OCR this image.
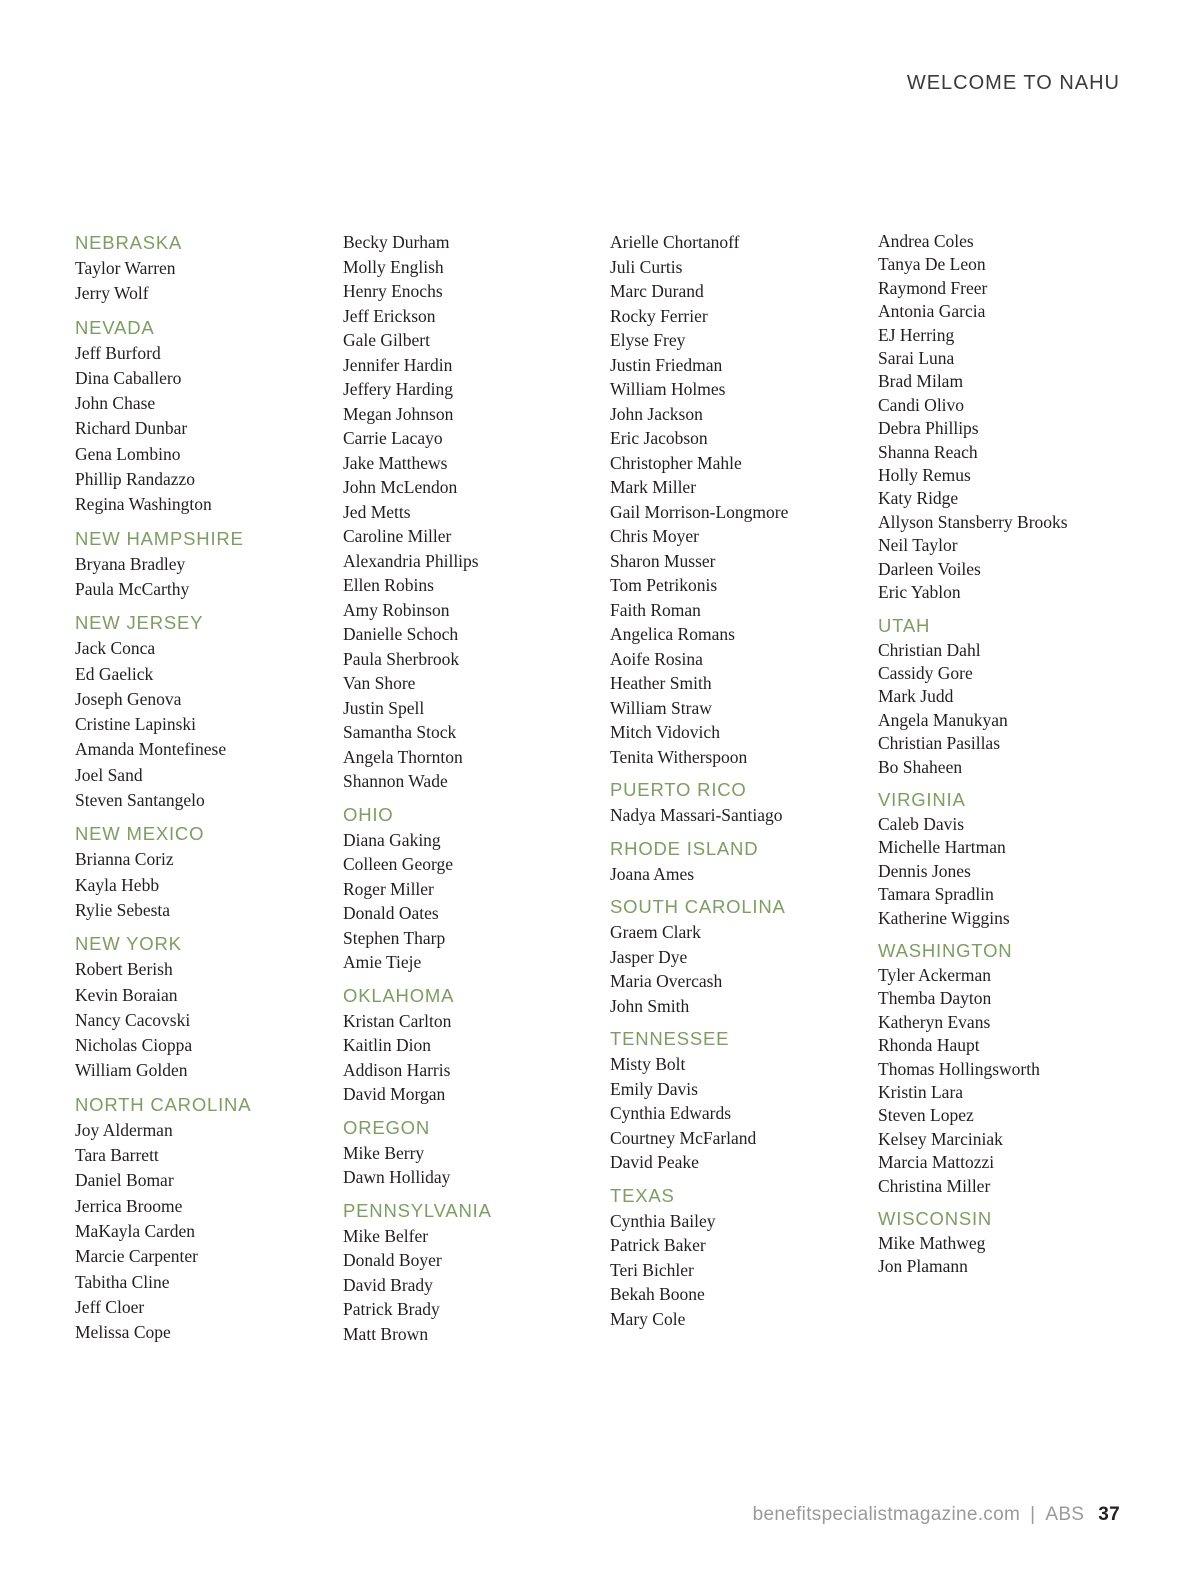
WELCOME TO NAHU
NEBRASKA
Taylor Warren
Jerry Wolf
NEVADA
Jeff Burford
Dina Caballero
John Chase
Richard Dunbar
Gena Lombino
Phillip Randazzo
Regina Washington
NEW HAMPSHIRE
Bryana Bradley
Paula McCarthy
NEW JERSEY
Jack Conca
Ed Gaelick
Joseph Genova
Cristine Lapinski
Amanda Montefinese
Joel Sand
Steven Santangelo
NEW MEXICO
Brianna Coriz
Kayla Hebb
Rylie Sebesta
NEW YORK
Robert Berish
Kevin Boraian
Nancy Cacovski
Nicholas Cioppa
William Golden
NORTH CAROLINA
Joy Alderman
Tara Barrett
Daniel Bomar
Jerrica Broome
MaKayla Carden
Marcie Carpenter
Tabitha Cline
Jeff Cloer
Melissa Cope
Becky Durham
Molly English
Henry Enochs
Jeff Erickson
Gale Gilbert
Jennifer Hardin
Jeffery Harding
Megan Johnson
Carrie Lacayo
Jake Matthews
John McLendon
Jed Metts
Caroline Miller
Alexandria Phillips
Ellen Robins
Amy Robinson
Danielle Schoch
Paula Sherbrook
Van Shore
Justin Spell
Samantha Stock
Angela Thornton
Shannon Wade
OHIO
Diana Gaking
Colleen George
Roger Miller
Donald Oates
Stephen Tharp
Amie Tieje
OKLAHOMA
Kristan Carlton
Kaitlin Dion
Addison Harris
David Morgan
OREGON
Mike Berry
Dawn Holliday
PENNSYLVANIA
Mike Belfer
Donald Boyer
David Brady
Patrick Brady
Matt Brown
Arielle Chortanoff
Juli Curtis
Marc Durand
Rocky Ferrier
Elyse Frey
Justin Friedman
William Holmes
John Jackson
Eric Jacobson
Christopher Mahle
Mark Miller
Gail Morrison-Longmore
Chris Moyer
Sharon Musser
Tom Petrikonis
Faith Roman
Angelica Romans
Aoife Rosina
Heather Smith
William Straw
Mitch Vidovich
Tenita Witherspoon
PUERTO RICO
Nadya Massari-Santiago
RHODE ISLAND
Joana Ames
SOUTH CAROLINA
Graem Clark
Jasper Dye
Maria Overcash
John Smith
TENNESSEE
Misty Bolt
Emily Davis
Cynthia Edwards
Courtney McFarland
David Peake
TEXAS
Cynthia Bailey
Patrick Baker
Teri Bichler
Bekah Boone
Mary Cole
Andrea Coles
Tanya De Leon
Raymond Freer
Antonia Garcia
EJ Herring
Sarai Luna
Brad Milam
Candi Olivo
Debra Phillips
Shanna Reach
Holly Remus
Katy Ridge
Allyson Stansberry Brooks
Neil Taylor
Darleen Voiles
Eric Yablon
UTAH
Christian Dahl
Cassidy Gore
Mark Judd
Angela Manukyan
Christian Pasillas
Bo Shaheen
VIRGINIA
Caleb Davis
Michelle Hartman
Dennis Jones
Tamara Spradlin
Katherine Wiggins
WASHINGTON
Tyler Ackerman
Themba Dayton
Katheryn Evans
Rhonda Haupt
Thomas Hollingsworth
Kristin Lara
Steven Lopez
Kelsey Marciniak
Marcia Mattozzi
Christina Miller
WISCONSIN
Mike Mathweg
Jon Plamann
benefitspecialistmagazine.com | ABS 37
